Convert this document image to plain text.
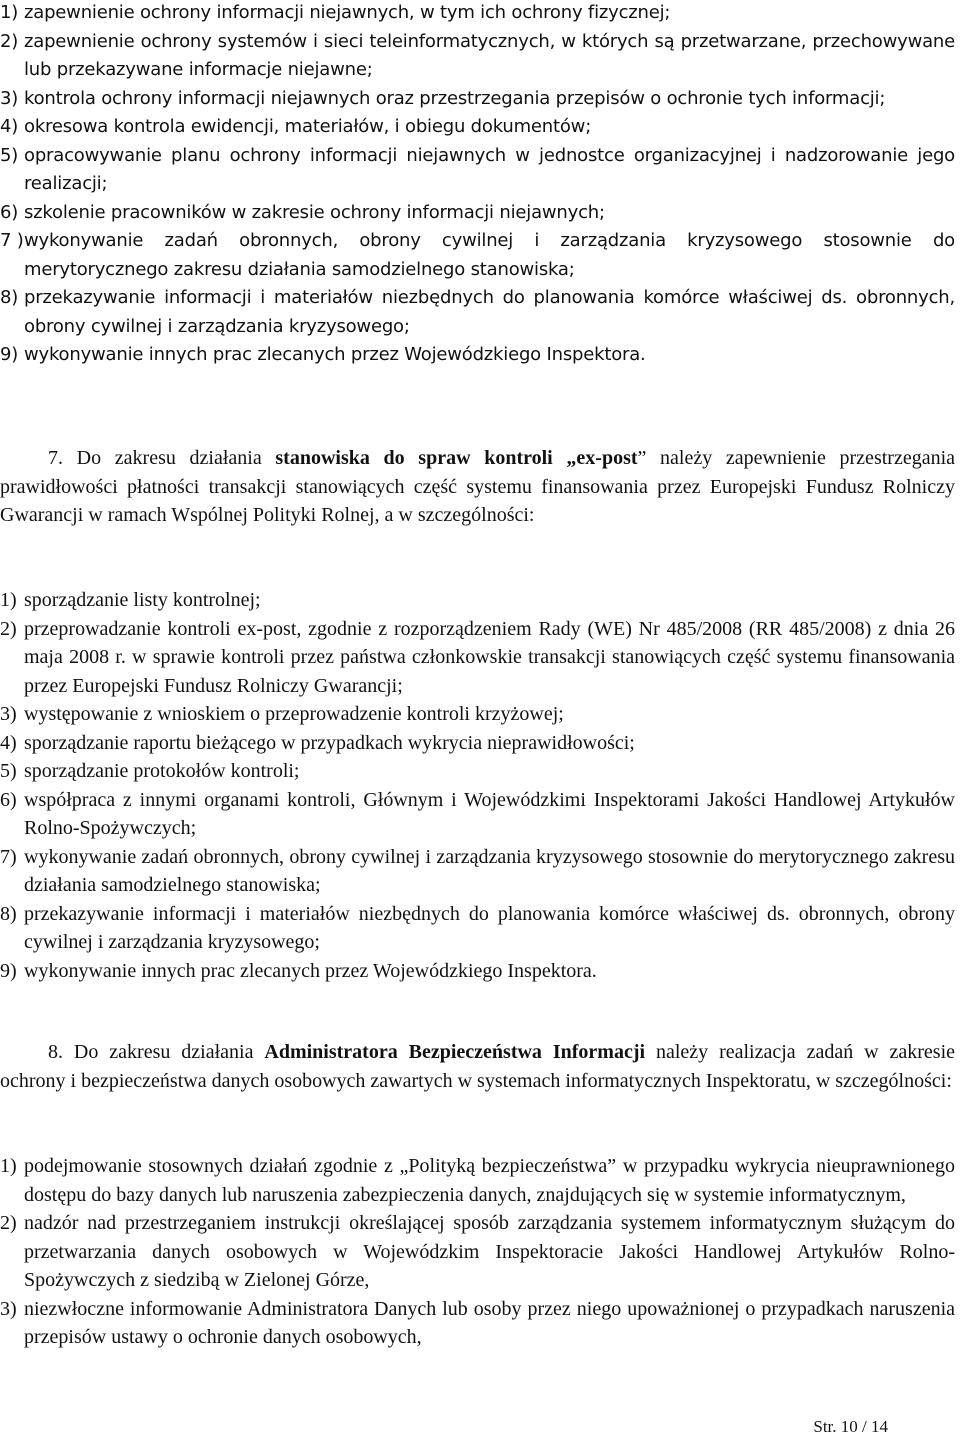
1) zapewnienie ochrony informacji niejawnych, w tym ich ochrony fizycznej;
2) zapewnienie ochrony systemów i sieci teleinformatycznych, w których są przetwarzane, przechowywane lub przekazywane informacje niejawne;
3) kontrola ochrony informacji niejawnych oraz przestrzegania przepisów o ochronie tych informacji;
4) okresowa kontrola ewidencji, materiałów, i obiegu dokumentów;
5) opracowywanie planu ochrony informacji niejawnych w jednostce organizacyjnej i nadzorowanie jego realizacji;
6) szkolenie pracowników w zakresie ochrony informacji niejawnych;
7 ) wykonywanie zadań obronnych, obrony cywilnej i zarządzania kryzysowego stosownie do merytorycznego zakresu działania samodzielnego stanowiska;
8) przekazywanie informacji i materiałów niezbędnych do planowania komórce właściwej ds. obronnych, obrony cywilnej i zarządzania kryzysowego;
9) wykonywanie innych prac zlecanych przez Wojewódzkiego Inspektora.
7. Do zakresu działania stanowiska do spraw kontroli „ex-post” należy zapewnienie przestrzegania prawidłowości płatności transakcji stanowiących część systemu finansowania przez Europejski Fundusz Rolniczy Gwarancji w ramach Wspólnej Polityki Rolnej, a w szczególności:
1) sporządzanie listy kontrolnej;
2) przeprowadzanie kontroli ex-post, zgodnie z rozporządzeniem Rady (WE) Nr 485/2008 (RR 485/2008) z dnia 26 maja 2008 r. w sprawie kontroli przez państwa członkowskie transakcji stanowiących część systemu finansowania przez Europejski Fundusz Rolniczy Gwarancji;
3) występowanie z wnioskiem o przeprowadzenie kontroli krzyżowej;
4) sporządzanie raportu bieżącego w przypadkach wykrycia nieprawidłowości;
5) sporządzanie protokołów kontroli;
6) współpraca z innymi organami kontroli, Głównym i Wojewódzkimi Inspektorami Jakości Handlowej Artykułów Rolno-Spożywczych;
7) wykonywanie zadań obronnych, obrony cywilnej i zarządzania kryzysowego stosownie do merytorycznego zakresu działania samodzielnego stanowiska;
8) przekazywanie informacji i materiałów niezbędnych do planowania komórce właściwej ds. obronnych, obrony cywilnej i zarządzania kryzysowego;
9) wykonywanie innych prac zlecanych przez Wojewódzkiego Inspektora.
8. Do zakresu działania Administratora Bezpieczeństwa Informacji należy realizacja zadań w zakresie ochrony i bezpieczeństwa danych osobowych zawartych w systemach informatycznych Inspektoratu, w szczególności:
1) podejmowanie stosownych działań zgodnie z „Polityką bezpieczeństwa” w przypadku wykrycia nieuprawnionego dostępu do bazy danych lub naruszenia zabezpieczenia danych, znajdujących się w systemie informatycznym,
2) nadzór nad przestrzeganiem instrukcji określającej sposób zarządzania systemem informatycznym służącym do przetwarzania danych osobowych w Wojewódzkim Inspektoracie Jakości Handlowej Artykułów Rolno- Spożywczych z siedzibą w Zielonej Górze,
3) niezwłoczne informowanie Administratora Danych lub osoby przez niego upoważnionej o przypadkach naruszenia przepisów ustawy o ochronie danych osobowych,
Str. 10 / 14
